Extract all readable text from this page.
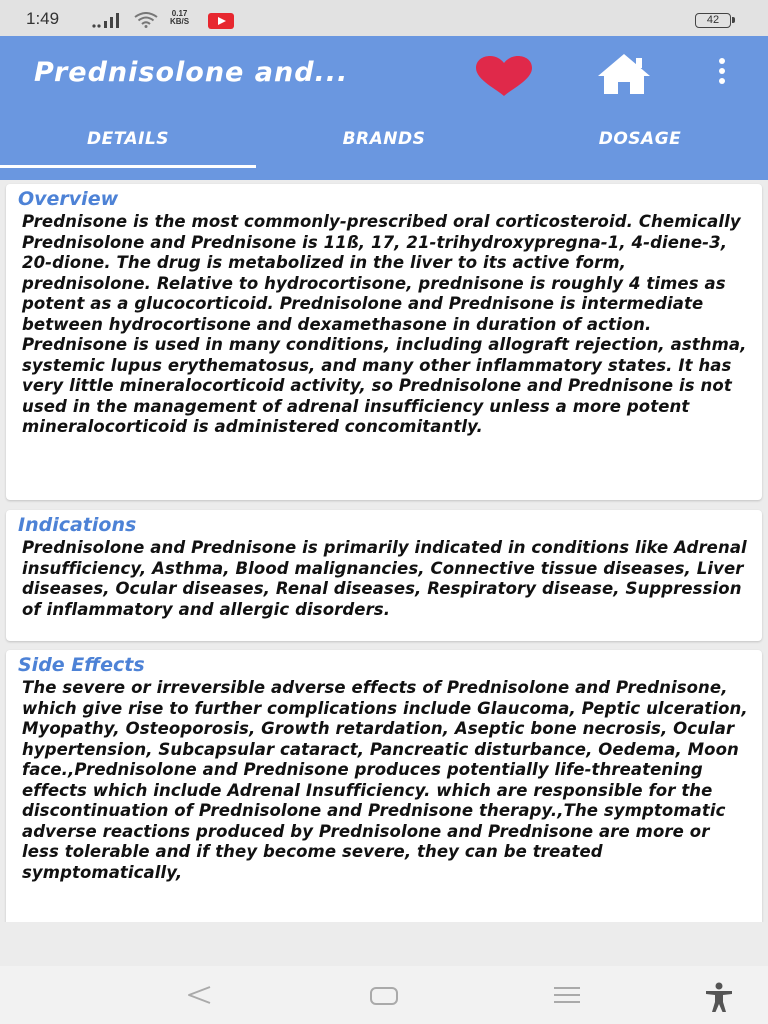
1:49	0.17
KB/S	42
Prednisolone and...
DETAILS	BRANDS	DOSAGE
Overview
Prednisone is the most commonly-prescribed oral corticosteroid. Chemically Prednisolone and Prednisone is 11ß, 17, 21-trihydroxypregna-1, 4-diene-3, 20-dione. The drug is metabolized in the liver to its active form, prednisolone. Relative to hydrocortisone, prednisone is roughly 4 times as potent as a glucocorticoid. Prednisolone and Prednisone is intermediate between hydrocortisone and dexamethasone in duration of action. Prednisone is used in many conditions, including allograft rejection, asthma, systemic lupus erythematosus, and many other inflammatory states. It has very little mineralocorticoid activity, so Prednisolone and Prednisone is not used in the management of adrenal insufficiency unless a more potent mineralocorticoid is administered concomitantly.
Indications
Prednisolone and Prednisone is primarily indicated in conditions like Adrenal insufficiency, Asthma, Blood malignancies, Connective tissue diseases, Liver diseases, Ocular diseases, Renal diseases, Respiratory disease, Suppression of inflammatory and allergic disorders.
Side Effects
The severe or irreversible adverse effects of Prednisolone and Prednisone, which give rise to further complications include Glaucoma, Peptic ulceration, Myopathy, Osteoporosis, Growth retardation, Aseptic bone necrosis, Ocular hypertension, Subcapsular cataract, Pancreatic disturbance, Oedema, Moon face.,Prednisolone and Prednisone produces potentially life-threatening effects which include Adrenal Insufficiency. which are responsible for the discontinuation of Prednisolone and Prednisone therapy.,The symptomatic adverse reactions produced by Prednisolone and Prednisone are more or less tolerable and if they become severe, they can be treated symptomatically,
